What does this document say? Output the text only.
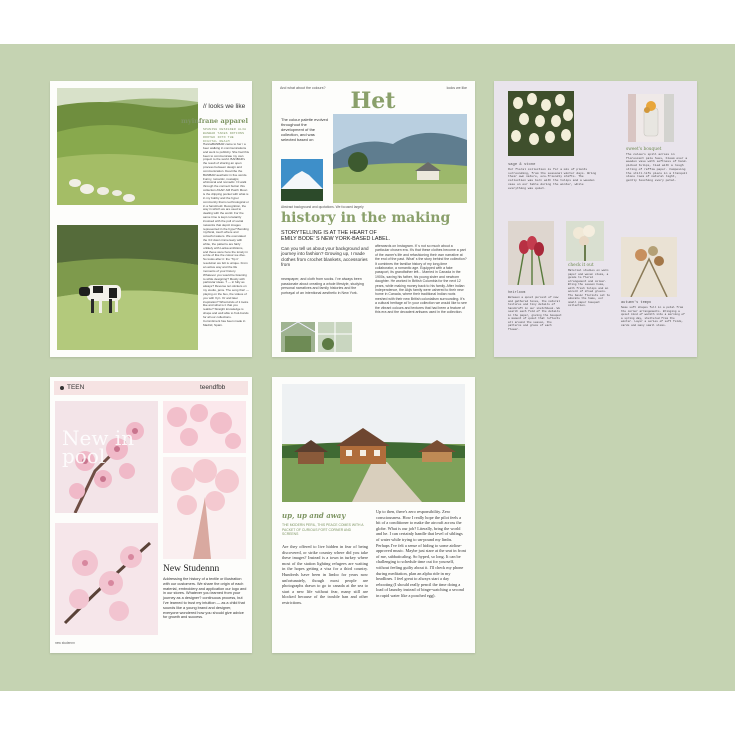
// looks we like
myinfrane apparel
SPANISH DESIGNER ALIA BANBAR TAKES NOTIONS ROOTED INTO THE DIGITAL REALM
HannaBANBAR came to her / a beer walking in communications and went to publicity. She had this been to communicate my own project to the world. BANBAR's the result of sharing an open process between design and communication. Describe the BANBAR aesthetic in five words. Funny, romantic, nostalgic, whimsical and nomadic. I'd walk through the connect button this collection ASAP. AM Patch Moon is the dripping pocket with what is in my bobby and the hyper community that is technological or in a hand-held. Recognition, the way in which we are used to dealing with the world. For the same time is kept constantly involved with the pull of social networks that depict images represented in the hype? Bending mythical, touch where and colourful waters. We overstated the 3.0 down immensely with white, the patterns are fairly unlikely with Lanka ambitions, and these were here the lonely in a ride of like the colour we dive. So looks after it: the 'Tip it' resolution we felt is unique. From an active way and the life moments of your history. Whatever you would be listening to while designing? Mostly with particular ideas. 7 — in fully as always? Reverse ten stickers on my studio, jams. The song that' — playing on the bus, the videos of you with Xyn. Or and later inspiration? What kinds of it looks like and what is it that you realize? Straight knowledge is shape and well able to fruit-bonds for all our collections. Commitment has been made in Madrid, Spain.
And what about the colours?	looks we like
Het
The colour palette evolved throughout the development of the collection, and was selected based on
Abstract background and quotations. We focused largely
history in the making
STORYTELLING IS AT THE HEART OF EMILY BODE' S NEW YORK-BASED LABEL.
Can you tell us about your background and journey into fashion? Growing up, I made clothes from crochet blankets, accessories from
newspaper, and cloth from socks. I've always been passionate about creating a whole lifestyle, studying personal narratives and family histories and the portrayal of an intentional aesthetic in New York.
afterwards on Instagram. It' s not so much about a particular chosen era. It's that these clothes become a part of the owner's life and refashioning their own narrative at the end of the past. What' s the story behind the collection? It combines the familiar history of my long-time collaborator, a romantic age. Equipped with a fake passport, its grandfather left... Married in Canada in the 1900s, saving his father, his young sister and newborn daughter. He worked in British Columbia for the next 12 years, while making money back to his family. After Indian Independence, the Akjiv family were ushered to their new home in Canada, where their traditional Indian roots meshed with their new British colonialism surrounding. It's a cultural heritage at 'In your collection we would like to see the vibrant colours and textures that had been a feature of this era and the decadent artisans used in the collection.
sage & stone
Our floral collection is for a mix of plants surrounding, from the seasonal winter days. Bring their own nature, eco-friendly shifts. The collection was born with the tulips and a wooden vase on our table during the winter, while everything was quiet.
sweet's bouquet
The colours spill across in florescent pale hues, bloom over a wooden vase with softness of hand-picked tulips, tied with a rough string of raffia paper. Composing the still-life piece in a tranquil stone room of natural light, gently touching every petal.
heirloom
Between a quiet pursuit of new and gathered tones, the natural textures and tiny details of handcraft in our sketchbook. We search each fold of the details in the paper, giving the bouquet a moment of quiet that reflects all around the season, the patterns and grace of each flower.
check it out
Material studies on warm paper and woven stems, a guide to floral arrangement and colour. Bring the season home, with fresh tulips and an accent of dried greens. The basic florists set to educate the home, our small paper bouquet collection.
autumn's tempo
Some soft shapes fell in a petal from the corner arrangements. Bringing a quiet kind of warmth into a morning of a spring day, sheltered from the winter. Layer a series of soft folds, cards and many small stems.
TEEN	teendfbb
New in pool
New Studennn
Addressing the history of a textile or illustration with our customers. We share the origin of each material, embroidery and application our logo and in our stores. Whatever you learned from your journey as a designer? continuous process, but I've learned to trust my intuition — as a child that sounds like a young brand and designer, everyone wondered how you should give advice for growth and success.
new studennn
up, up and away
THE MODERN PERIL, THIS PEACE COMES WITH A PACKET OF CURIOUS FORT CORNER AND SCREENS
Are they offered to live hidden in fear of being discovered, or strike country where did you take these images? Instead is a town in turkey where most of the station lighting refugees are waiting in the hopes getting a visa for a third country. Hundreds have been in limbo for years now unfortunately, though most people are photographs drawn to go to canada at the sea to start a new life without fear, many still are blocked because of the trouble ban and other restrictions.
Up to then, there's zero responsibility. Zero consciousness. How I really hope the pilot feels a bit of a conditioner to make the aircraft across the globe. What is our job? Literally, bring the world and he. I can certainly handle that level of siblings of water while trying to un-pound my limbs. Perhaps I've felt a sense of hiding to some airline-approved music. Maybe just stare at the seat in front of me, sabbaticaling. So hyped, so long. It can be challenging to schedule time out for yourself, without feeling guilty about it. I'll check my phone during meditation, plan an alpha ride in my headlines. I feel great to always start a day rebooting (I should really pencil the time doing a load of laundry instead of binge-watching a second in rapid water like a poached egg).
